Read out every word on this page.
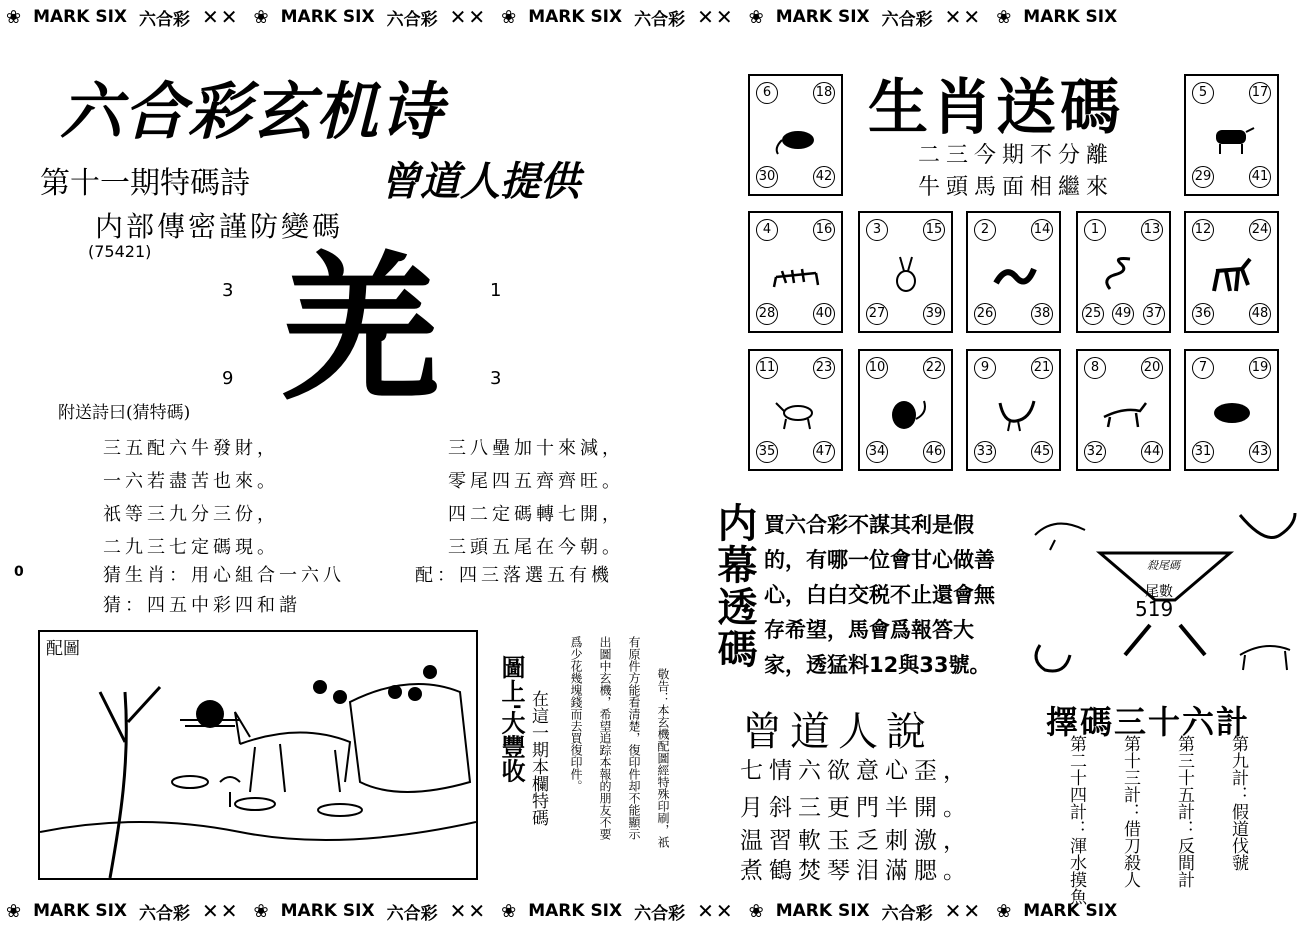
❀ MARK SIX 六合彩 ✕✕ ❀ MARK SIX 六合彩 ✕✕ ❀ MARK SIX 六合彩 ✕✕ ❀ MARK SIX 六合彩 ✕✕ ❀ MARK SIX
六合彩玄机诗
第十一期特碼詩	曾道人提供
内部傳密謹防變碼
(75421) 羌
3	1
9	3
附送詩曰(猜特碼)
三五配六牛發財，
一六若盡苦也來。
祇等三九分三份，
二九三七定碼現。
三八壘加十來減，
零尾四五齊齊旺。
四二定碼轉七開，
三頭五尾在今朝。
猜生肖：用心組合一六八
猜：四五中彩四和諧
配：四三落選五有機
0
配圖
圖上'大豐收 在這一期本欄特碼	敬告：本玄機配圖經特殊印刷，祇
有原件方能看清楚，復印件却不能顯示
出圖中玄機，希望追踪本報的朋友不要
爲少花幾塊錢而去買復印件。
6	18
30	42
5	17
29	41
4	16
28	40
3	15
27	39
2	14
26	38
1	13
25 49 37
12	24
36	48
11	23
35	47
10	22
34	46
9	21
33	45
8	20
32	44
7	19
31	43
生肖送碼
二三今期不分離
牛頭馬面相繼來
内幕透碼 買六合彩不謀其利是假的，有哪一位會甘心做善心，白白交税不止還會無存希望，馬會爲報答大家，透猛料12與33號。
殺尾碼
尾數
519
曾道人說
七情六欲意心歪，
月斜三更門半開。
温習軟玉乏刺激，
煮鶴焚琴泪滿腮。
擇碼三十六計
第九計：假道伐虢
第三十五計：反間計
第十三計：借刀殺人
第二十四計：渾水摸魚
❀ MARK SIX 六合彩 ✕✕ ❀ MARK SIX 六合彩 ✕✕ ❀ MARK SIX 六合彩 ✕✕ ❀ MARK SIX 六合彩 ✕✕ ❀ MARK SIX
